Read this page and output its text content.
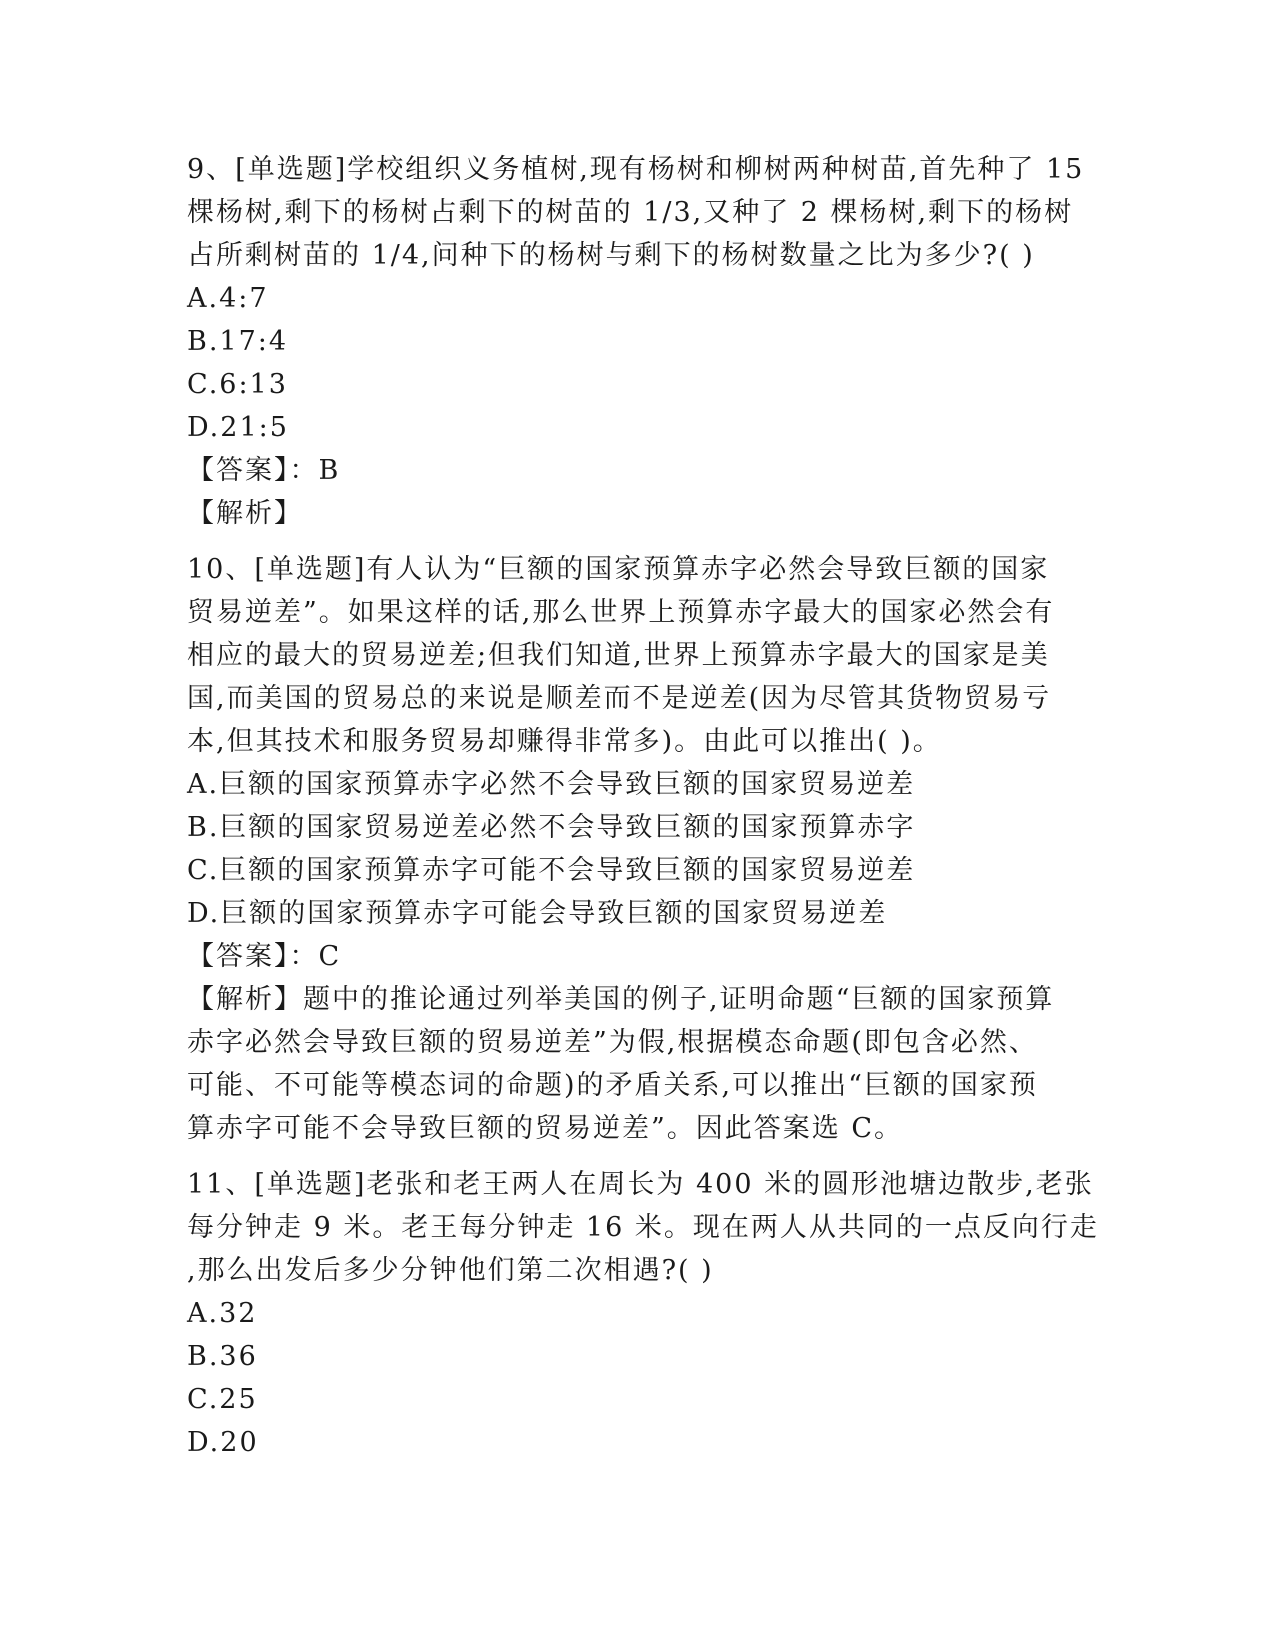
9、[单选题]学校组织义务植树,现有杨树和柳树两种树苗,首先种了 15
棵杨树,剩下的杨树占剩下的树苗的 1/3,又种了 2 棵杨树,剩下的杨树
占所剩树苗的 1/4,问种下的杨树与剩下的杨树数量之比为多少?( )
A.4:7
B.17:4
C.6:13
D.21:5
【答案】：B
【解析】
10、[单选题]有人认为“巨额的国家预算赤字必然会导致巨额的国家
贸易逆差”。如果这样的话,那么世界上预算赤字最大的国家必然会有
相应的最大的贸易逆差;但我们知道,世界上预算赤字最大的国家是美
国,而美国的贸易总的来说是顺差而不是逆差(因为尽管其货物贸易亏
本,但其技术和服务贸易却赚得非常多)。由此可以推出( )。
A.巨额的国家预算赤字必然不会导致巨额的国家贸易逆差
B.巨额的国家贸易逆差必然不会导致巨额的国家预算赤字
C.巨额的国家预算赤字可能不会导致巨额的国家贸易逆差
D.巨额的国家预算赤字可能会导致巨额的国家贸易逆差
【答案】：C
【解析】题中的推论通过列举美国的例子,证明命题“巨额的国家预算
赤字必然会导致巨额的贸易逆差”为假,根据模态命题(即包含必然、
可能、不可能等模态词的命题)的矛盾关系,可以推出“巨额的国家预
算赤字可能不会导致巨额的贸易逆差”。因此答案选 C。
11、[单选题]老张和老王两人在周长为 400 米的圆形池塘边散步,老张
每分钟走 9 米。老王每分钟走 16 米。现在两人从共同的一点反向行走
,那么出发后多少分钟他们第二次相遇?( )
A.32
B.36
C.25
D.20
